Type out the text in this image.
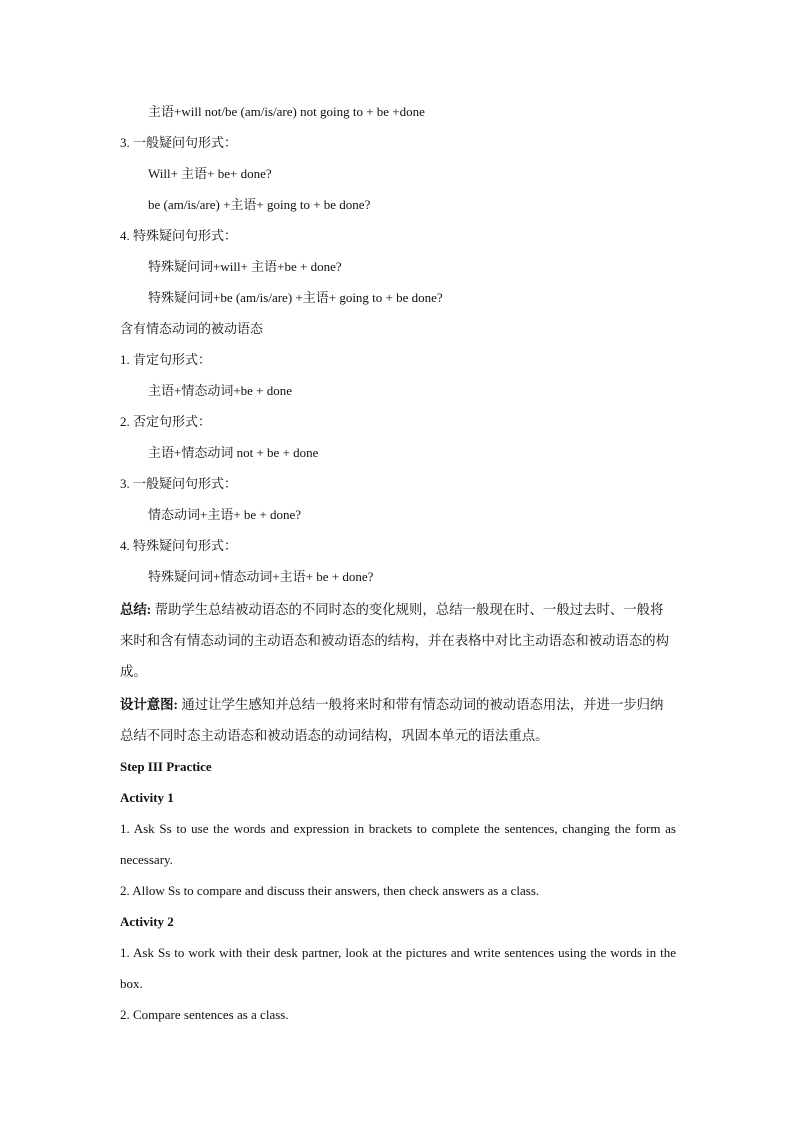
主语+will not/be (am/is/are) not going to + be +done
3. 一般疑问句形式：
Will+ 主语+ be+ done?
be (am/is/are) +主语+ going to + be done?
4. 特殊疑问句形式：
特殊疑问词+will+ 主语+be + done?
特殊疑问词+be (am/is/are) +主语+ going to + be done?
含有情态动词的被动语态
1. 肯定句形式：
主语+情态动词+be + done
2. 否定句形式：
主语+情态动词 not + be + done
3. 一般疑问句形式：
情态动词+主语+ be + done?
4. 特殊疑问句形式：
特殊疑问词+情态动词+主语+ be + done?
总结: 帮助学生总结被动语态的不同时态的变化规则，总结一般现在时、一般过去时、一般将来时和含有情态动词的主动语态和被动语态的结构，并在表格中对比主动语态和被动语态的构成。
设计意图: 通过让学生感知并总结一般将来时和带有情态动词的被动语态用法，并进一步归纳总结不同时态主动语态和被动语态的动词结构，巩固本单元的语法重点。
Step III Practice
Activity 1
1. Ask Ss to use the words and expression in brackets to complete the sentences, changing the form as necessary.
2. Allow Ss to compare and discuss their answers, then check answers as a class.
Activity 2
1. Ask Ss to work with their desk partner, look at the pictures and write sentences using the words in the box.
2. Compare sentences as a class.
